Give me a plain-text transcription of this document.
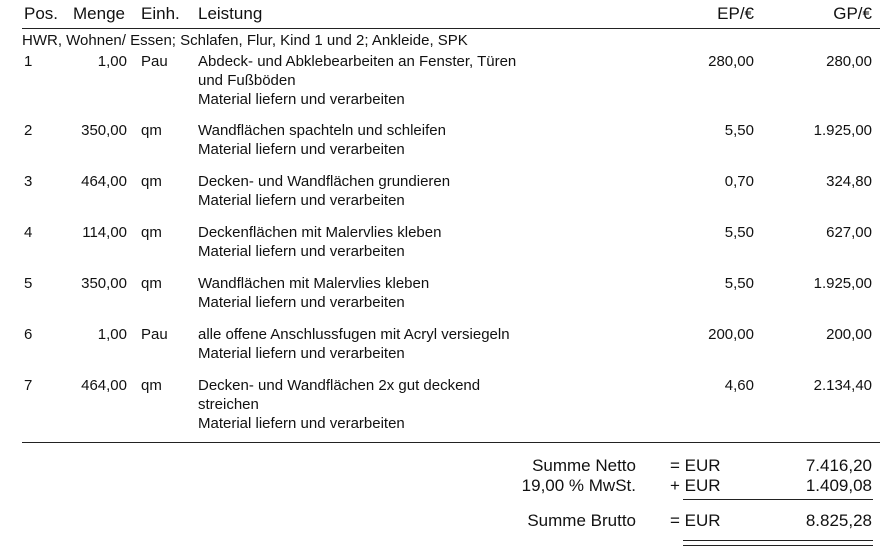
Pos. Menge Einh. Leistung	EP/€	GP/€
HWR, Wohnen/ Essen; Schlafen, Flur, Kind 1 und 2; Ankleide, SPK
1	1,00 Pau Abdeck- und Abklebearbeiten an Fenster, Türen
und Fußböden
Material liefern und verarbeiten
280,00	280,00
2	350,00 qm Wandflächen spachteln und schleifen
Material liefern und verarbeiten
5,50	1.925,00
3	464,00 qm Decken- und Wandflächen grundieren
Material liefern und verarbeiten
0,70	324,80
4	114,00 qm Deckenflächen mit Malervlies kleben
Material liefern und verarbeiten
5,50	627,00
5	350,00 qm Wandflächen mit Malervlies kleben
Material liefern und verarbeiten
5,50	1.925,00
6	1,00 Pau alle offene Anschlussfugen mit Acryl versiegeln
Material liefern und verarbeiten
200,00	200,00
7	464,00 qm Decken- und Wandflächen 2x gut deckend
streichen
Material liefern und verarbeiten
4,60	2.134,40
Summe Netto = EUR	7.416,20
19,00 % MwSt. + EUR	1.409,08
Summe Brutto = EUR	8.825,28
